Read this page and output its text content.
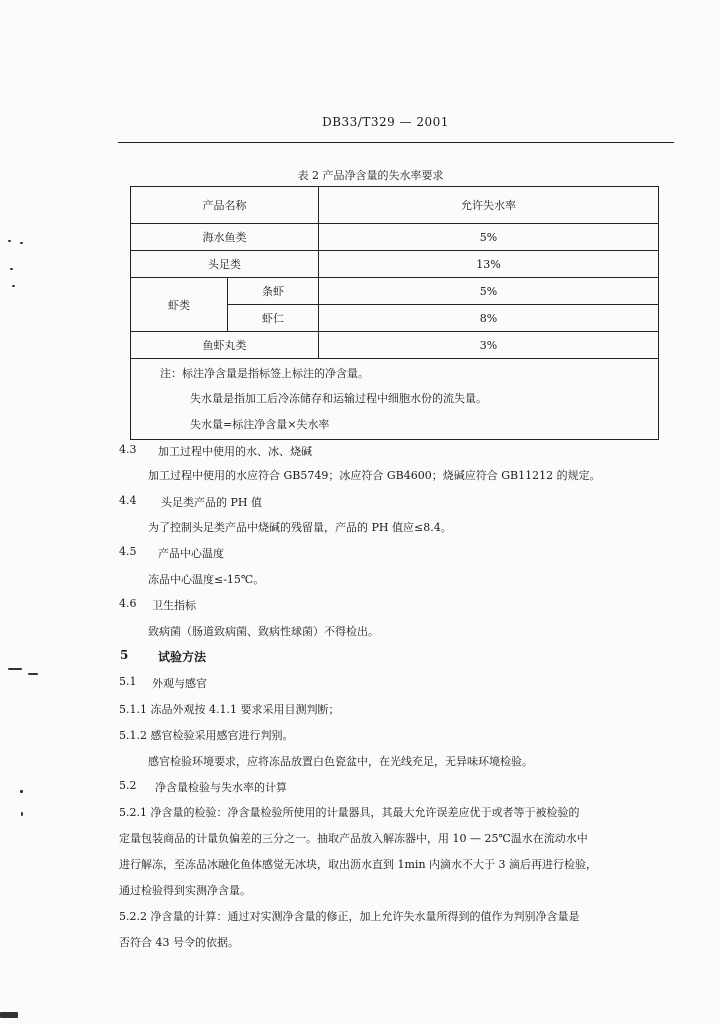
DB33/T329 — 2001
表 2 产品净含量的失水率要求
产品名称		允许失水率
海水鱼类		5%
头足类		13%
虾类	条虾	5%
	虾仁	8%
鱼虾丸类		3%

注：标注净含量是指标签上标注的净含量。
失水量是指加工后冷冻储存和运输过程中细胞水份的流失量。
失水量=标注净含量×失水率
4.3 加工过程中使用的水、冰、烧碱
加工过程中使用的水应符合 GB5749；冰应符合 GB4600；烧碱应符合 GB11212 的规定。
4.4 头足类产品的 PH 值
为了控制头足类产品中烧碱的残留量，产品的 PH 值应≤8.4。
4.5 产品中心温度
冻品中心温度≤-15℃。
4.6 卫生指标
致病菌（肠道致病菌、致病性球菌）不得检出。
5 试验方法
5.1 外观与感官
5.1.1 冻品外观按 4.1.1 要求采用目测判断；
5.1.2 感官检验采用感官进行判别。
感官检验环境要求，应将冻品放置白色瓷盆中，在光线充足，无异味环境检验。
5.2 净含量检验与失水率的计算
5.2.1 净含量的检验：净含量检验所使用的计量器具，其最大允许误差应优于或者等于被检验的
定量包装商品的计量负偏差的三分之一。抽取产品放入解冻器中，用 10 — 25℃温水在流动水中
进行解冻，至冻品冰融化鱼体感觉无冰块，取出沥水直到 1min 内滴水不大于 3 滴后再进行检验，
通过检验得到实测净含量。
5.2.2 净含量的计算：通过对实测净含量的修正，加上允许失水量所得到的值作为判别净含量是
否符合 43 号令的依据。
